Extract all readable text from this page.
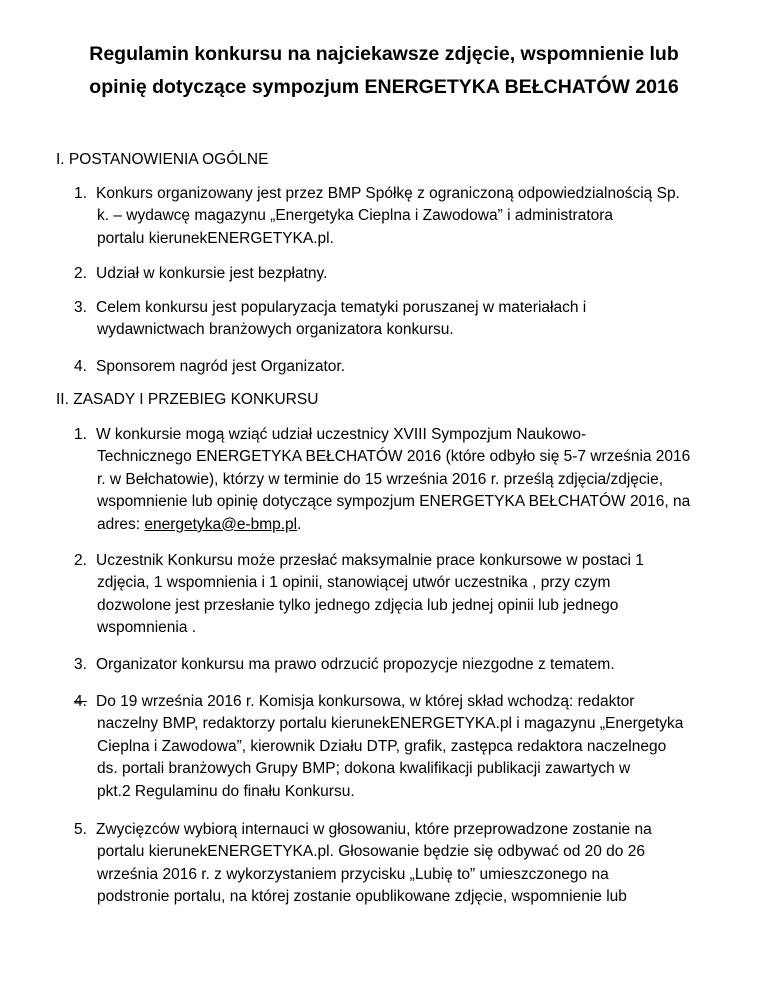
Regulamin konkursu na najciekawsze zdjęcie, wspomnienie lub
opinię dotyczące sympozjum ENERGETYKA BEŁCHATÓW 2016
I. POSTANOWIENIA OGÓLNE

1. Konkurs organizowany jest przez BMP Spółkę z ograniczoną odpowiedzialnością Sp.
k. – wydawcę magazynu „Energetyka Cieplna i Zawodowa” i administratora
portalu kierunekENERGETYKA.pl.

2. Udział w konkursie jest bezpłatny.

3. Celem konkursu jest popularyzacja tematyki poruszanej w materiałach i
wydawnictwach branżowych organizatora konkursu.

4. Sponsorem nagród jest Organizator.

II. ZASADY I PRZEBIEG KONKURSU

1. W konkursie mogą wziąć udział uczestnicy XVIII Sympozjum Naukowo-
Technicznego ENERGETYKA BEŁCHATÓW 2016 (które odbyło się 5-7 września 2016
r. w Bełchatowie), którzy w terminie do 15 września 2016 r. prześlą zdjęcia/zdjęcie,
wspomnienie lub opinię dotyczące sympozjum ENERGETYKA BEŁCHATÓW 2016, na
adres: energetyka@e-bmp.pl.

2. Uczestnik Konkursu może przesłać maksymalnie prace konkursowe w postaci 1
zdjęcia, 1 wspomnienia i 1 opinii, stanowiącej utwór uczestnika , przy czym
dozwolone jest przesłanie tylko jednego zdjęcia lub jednej opinii lub jednego
wspomnienia .

3. Organizator konkursu ma prawo odrzucić propozycje niezgodne z tematem.

4. Do 19 września 2016 r. Komisja konkursowa, w której skład wchodzą: redaktor
naczelny BMP, redaktorzy portalu kierunekENERGETYKA.pl i magazynu „Energetyka
Cieplna i Zawodowa”, kierownik Działu DTP, grafik, zastępca redaktora naczelnego
ds. portali branżowych Grupy BMP; dokona kwalifikacji publikacji zawartych w
pkt.2 Regulaminu do finału Konkursu.

5. Zwycięzców wybiorą internauci w głosowaniu, które przeprowadzone zostanie na
portalu kierunekENERGETYKA.pl. Głosowanie będzie się odbywać od 20 do 26
września 2016 r. z wykorzystaniem przycisku „Lubię to” umieszczonego na
podstronie portalu, na której zostanie opublikowane zdjęcie, wspomnienie lub
